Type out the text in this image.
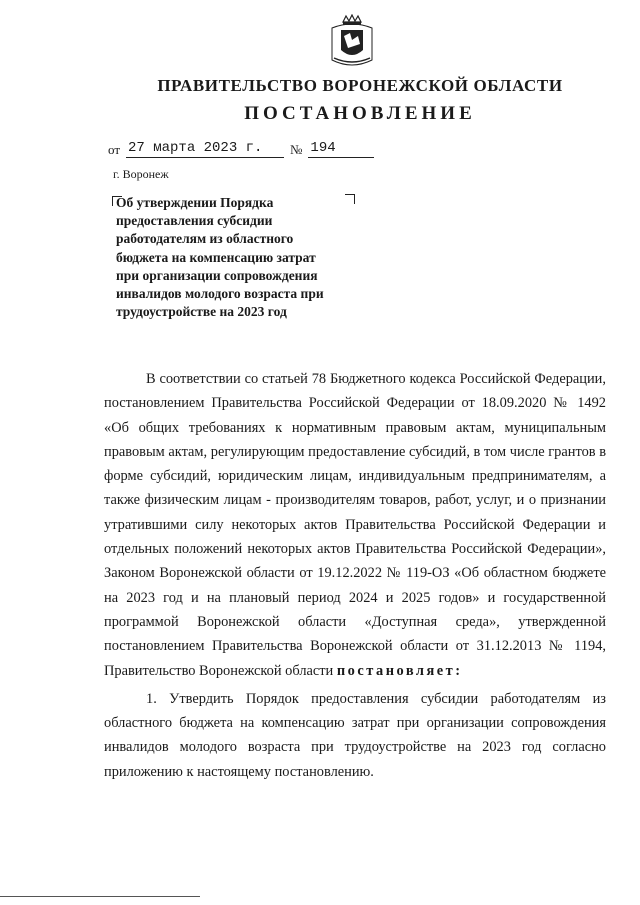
ПРАВИТЕЛЬСТВО ВОРОНЕЖСКОЙ ОБЛАСТИ
ПОСТАНОВЛЕНИЕ
от 27 марта 2023 г.	№ 194
г. Воронеж
Об утверждении Порядка предоставления субсидии работодателям из областного бюджета на компенсацию затрат при организации сопровождения инвалидов молодого возраста при трудоустройстве на 2023 год

В соответствии со статьей 78 Бюджетного кодекса Российской Федерации, постановлением Правительства Российской Федерации от 18.09.2020 № 1492 «Об общих требованиях к нормативным правовым актам, муниципальным правовым актам, регулирующим предоставление субсидий, в том числе грантов в форме субсидий, юридическим лицам, индивидуальным предпринимателям, а также физическим лицам - производителям товаров, работ, услуг, и о признании утратившими силу некоторых актов Правительства Российской Федерации и отдельных положений некоторых актов Правительства Российской Федерации», Законом Воронежской области от 19.12.2022 № 119-ОЗ «Об областном бюджете на 2023 год и на плановый период 2024 и 2025 годов» и государственной программой Воронежской области «Доступная среда», утвержденной постановлением Правительства Воронежской области от 31.12.2013 № 1194, Правительство Воронежской области постановляет:

1. Утвердить Порядок предоставления субсидии работодателям из областного бюджета на компенсацию затрат при организации сопровождения инвалидов молодого возраста при трудоустройстве на 2023 год согласно приложению к настоящему постановлению.
